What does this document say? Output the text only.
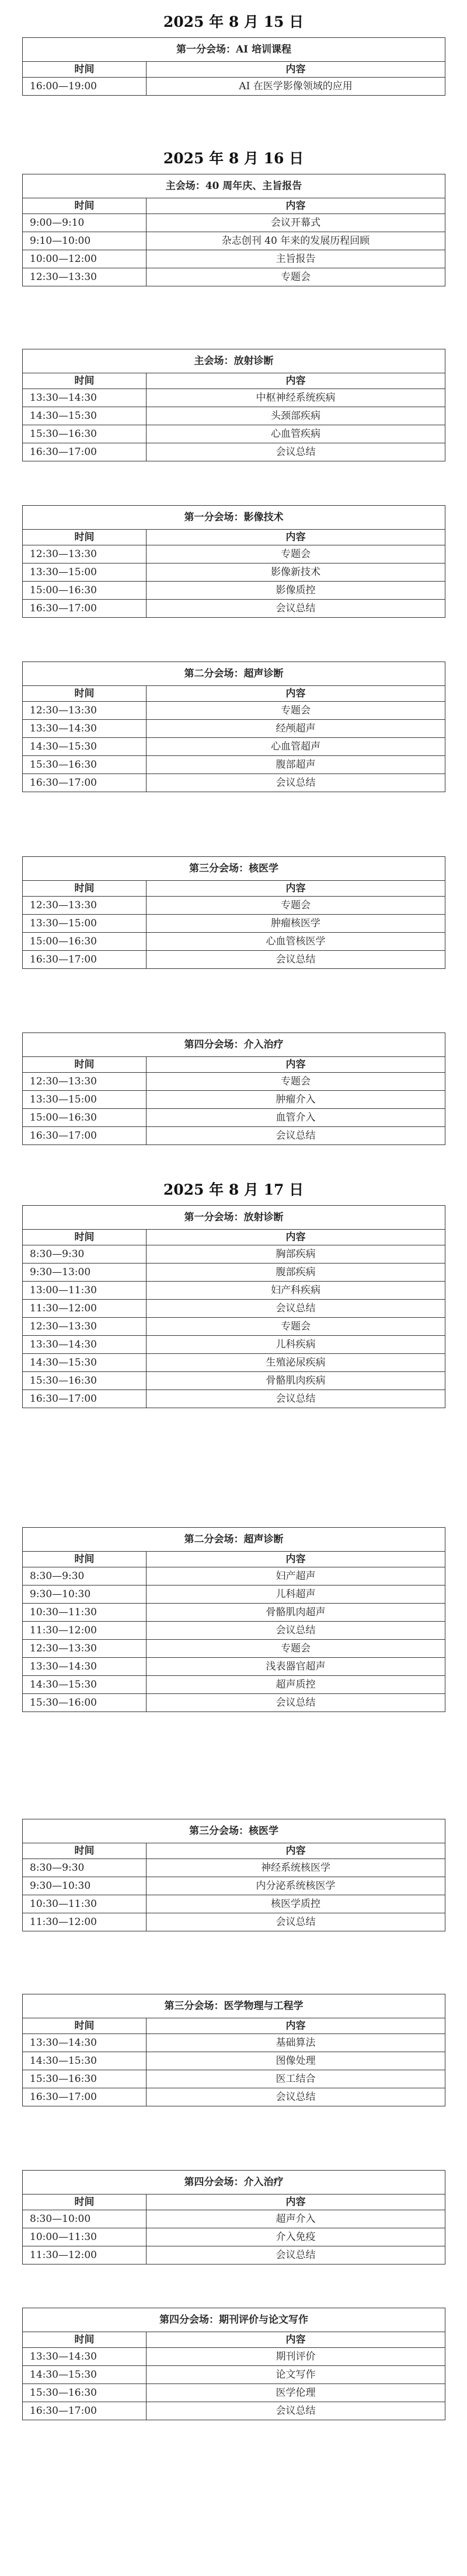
2025 年 8 月 15 日
第一分会场：AI 培训课程	
时间	内容
16:00—19:00	AI 在医学影像领域的应用
2025 年 8 月 16 日
主会场：40 周年庆、主旨报告	
时间	内容
9:00—9:10	会议开幕式
9:10—10:00	杂志创刊 40 年来的发展历程回顾
10:00—12:00	主旨报告
12:30—13:30	专题会
主会场：放射诊断	
时间	内容
13:30—14:30	中枢神经系统疾病
14:30—15:30	头颈部疾病
15:30—16:30	心血管疾病
16:30—17:00	会议总结
第一分会场：影像技术	
时间	内容
12:30—13:30	专题会
13:30—15:00	影像新技术
15:00—16:30	影像质控
16:30—17:00	会议总结
第二分会场：超声诊断	
时间	内容
12:30—13:30	专题会
13:30—14:30	经颅超声
14:30—15:30	心血管超声
15:30—16:30	腹部超声
16:30—17:00	会议总结
第三分会场：核医学	
时间	内容
12:30—13:30	专题会
13:30—15:00	肿瘤核医学
15:00—16:30	心血管核医学
16:30—17:00	会议总结
第四分会场：介入治疗	
时间	内容
12:30—13:30	专题会
13:30—15:00	肿瘤介入
15:00—16:30	血管介入
16:30—17:00	会议总结
2025 年 8 月 17 日
第一分会场：放射诊断	
时间	内容
8:30—9:30	胸部疾病
9:30—13:00	腹部疾病
13:00—11:30	妇产科疾病
11:30—12:00	会议总结
12:30—13:30	专题会
13:30—14:30	儿科疾病
14:30—15:30	生殖泌尿疾病
15:30—16:30	骨骼肌肉疾病
16:30—17:00	会议总结
第二分会场：超声诊断	
时间	内容
8:30—9:30	妇产超声
9:30—10:30	儿科超声
10:30—11:30	骨骼肌肉超声
11:30—12:00	会议总结
12:30—13:30	专题会
13:30—14:30	浅表器官超声
14:30—15:30	超声质控
15:30—16:00	会议总结
第三分会场：核医学	
时间	内容
8:30—9:30	神经系统核医学
9:30—10:30	内分泌系统核医学
10:30—11:30	核医学质控
11:30—12:00	会议总结
第三分会场：医学物理与工程学	
时间	内容
13:30—14:30	基础算法
14:30—15:30	图像处理
15:30—16:30	医工结合
16:30—17:00	会议总结
第四分会场：介入治疗	
时间	内容
8:30—10:00	超声介入
10:00—11:30	介入免疫
11:30—12:00	会议总结
第四分会场：期刊评价与论文写作	
时间	内容
13:30—14:30	期刊评价
14:30—15:30	论文写作
15:30—16:30	医学伦理
16:30—17:00	会议总结
